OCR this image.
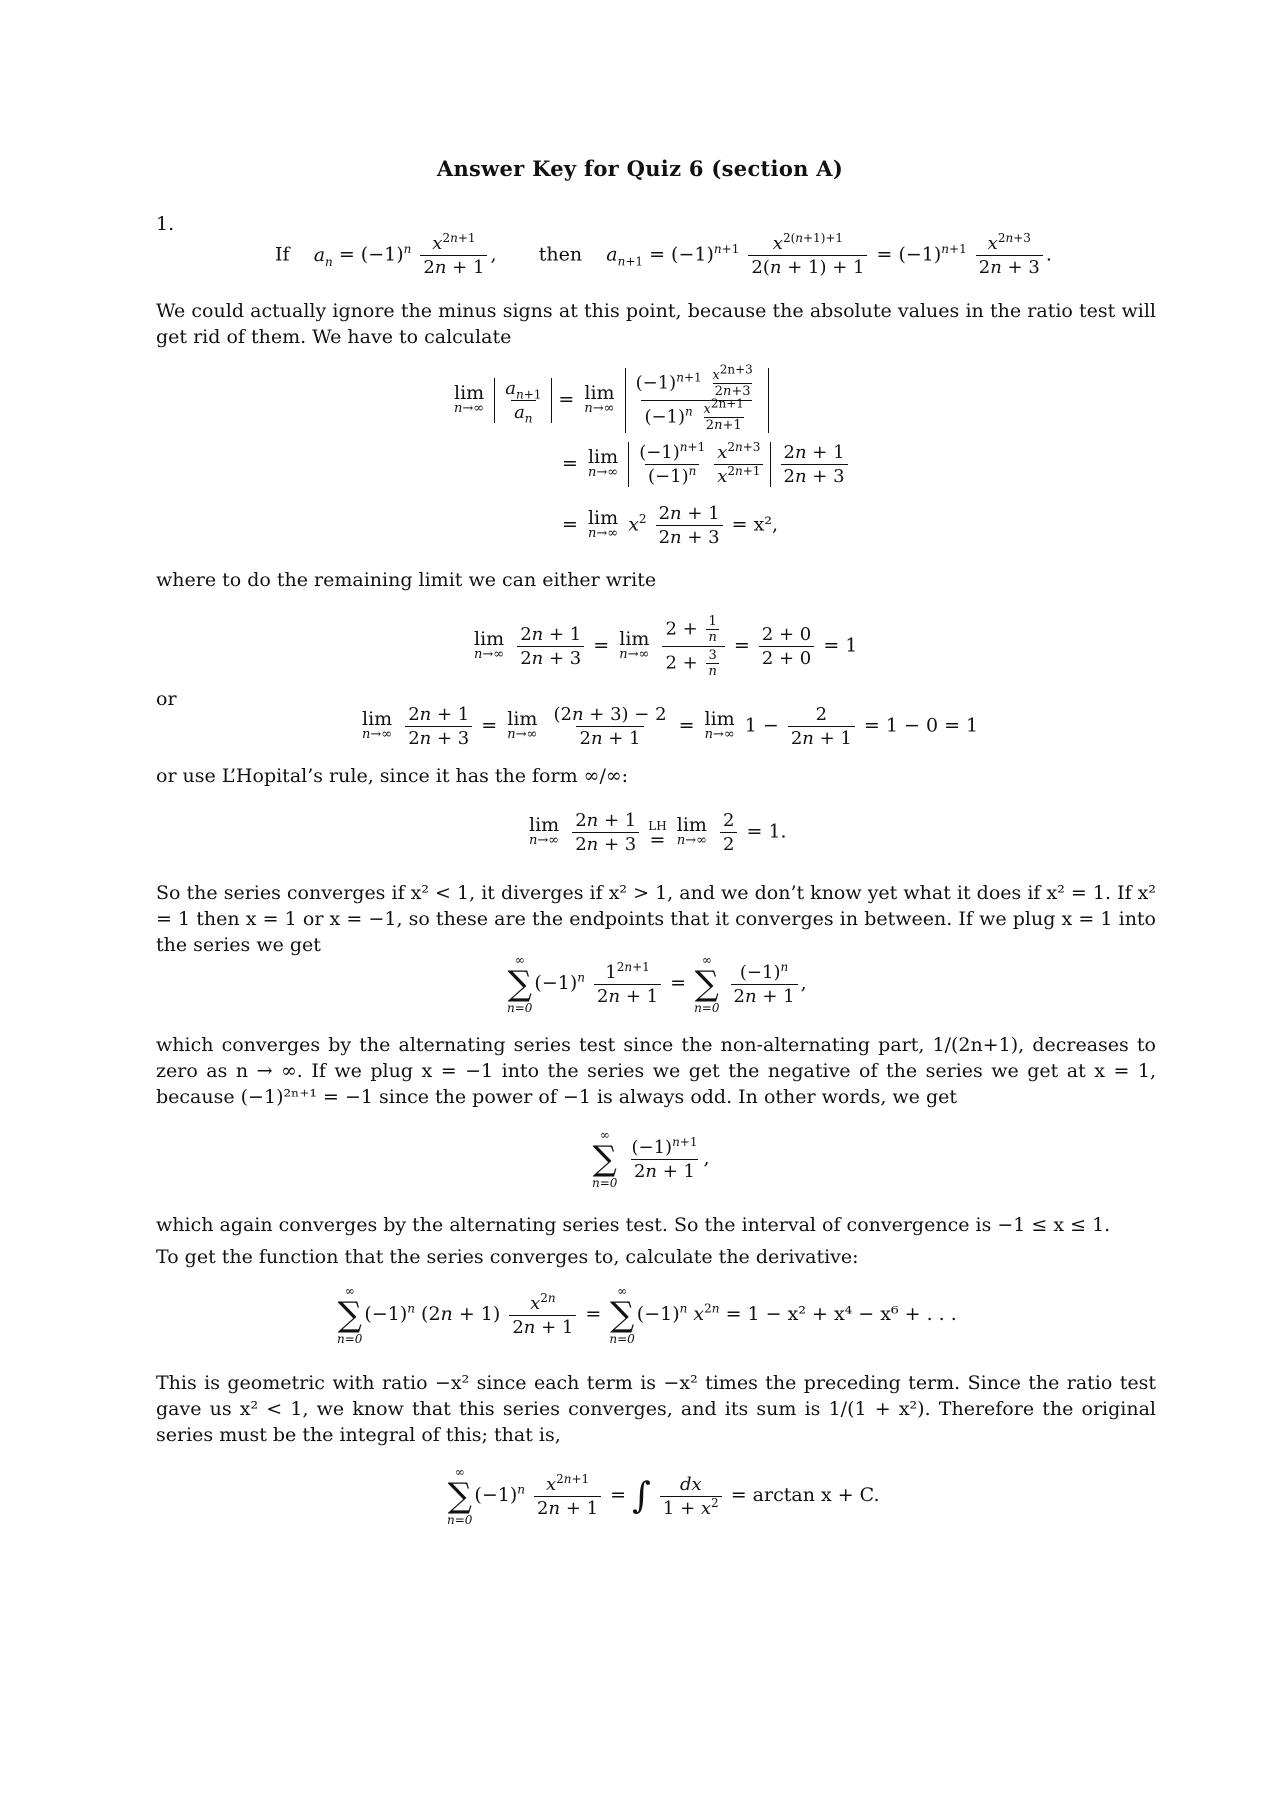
Answer Key for Quiz 6 (section A)
1.
If $a_n = (-1)^n \frac{x^{2n+1}}{2n + 1}$ ,       then $a_{n+1} = (-1)^{n+1} \frac{x^{2(n+1)+1}}{2(n + 1) + 1} = (-1)^{n+1} \frac{x^{2n+3}}{2n + 3}$ .
We could actually ignore the minus signs at this point, because the absolute values in the ratio test will get rid of them. We have to calculate
lim
n→∞
$\frac{a_{n+1}}{a_n} = \lim$
n→∞
$\frac{(-1)^{n+1} \frac{x^{2n+3}}{2n+3}}{(-1)^n \frac{x^{2n+1}}{2n+1}}$
= lim
n→∞
$\frac{(-1)^{n+1}}{(-1)^n} \frac{x^{2n+3}}{x^{2n+1}}$
$\frac{2n + 1}{2n + 3}$
= lim
n→∞ $x^2 \frac{2n + 1}{2n + 3} = x^2$,
where to do the remaining limit we can either write
lim
n→∞
$\frac{2n + 1}{2n + 3} = \lim$
n→∞
$\frac{2 + \frac{1}{n}}{2 + \frac{3}{n}} = \frac{2 + 0}{2 + 0} = 1$
or
lim
n→∞
$\frac{2n + 1}{2n + 3} = \lim$
n→∞
$\frac{(2n + 3) - 2}{2n + 1} = \lim$
n→∞ $1 - \frac{2}{2n + 1} = 1 - 0 = 1$
or use L’Hopital’s rule, since it has the form ∞/∞:
lim
n→∞
$\frac{2n + 1}{2n + 3}$
LH
=

lim
n→∞
$\frac{2}{2} = 1$.
So the series converges if x² < 1, it diverges if x² > 1, and we don’t know yet what it does if x² = 1. If x² = 1 then x = 1 or x = −1, so these are the endpoints that it converges in between. If we plug x = 1 into the series we get
∞
∑
n=0
$(-1)^n \frac{1^{2n+1}}{2n + 1}$ =
∞
∑
n=0

$\frac{(-1)^n}{2n + 1}$ ,
which converges by the alternating series test since the non-alternating part, 1/(2n+1), decreases to zero as n → ∞. If we plug x = −1 into the series we get the negative of the series we get at x = 1, because (−1)²ⁿ⁺¹ = −1 since the power of −1 is always odd. In other words, we get
∞
∑
n=0

$\frac{(-1)^{n+1}}{2n + 1}$ ,
which again converges by the alternating series test. So the interval of convergence is −1 ≤ x ≤ 1.
To get the function that the series converges to, calculate the derivative:
∞
∑
n=0
$(-1)^n$ $(2n + 1) \frac{x^{2n}}{2n + 1}$ =
∞
∑
n=0
$(-1)^n$ $x^{2n} = 1 - x^2 + x^4 - x^6$ + . . .
This is geometric with ratio −x² since each term is −x² times the preceding term. Since the ratio test gave us x² < 1, we know that this series converges, and its sum is 1/(1 + x²). Therefore the original series must be the integral of this; that is,
∞
∑
n=0
$(-1)^n \frac{x^{2n+1}}{2n + 1}$ = ∫ $\frac{dx}{1 + x^2} = \arctan x + C$.
